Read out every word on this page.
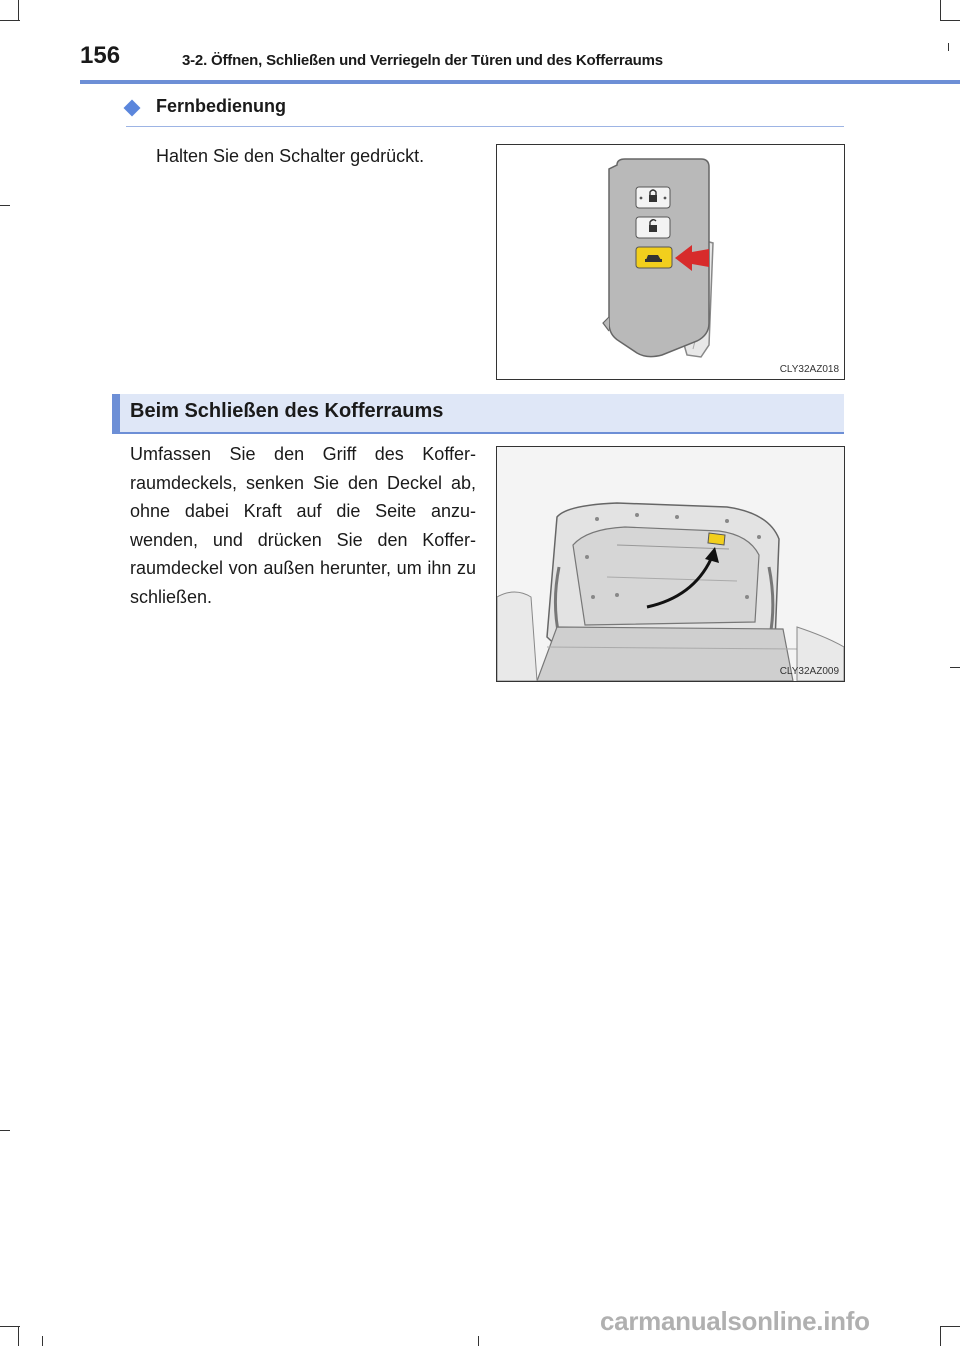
156	3-2. Öffnen, Schließen und Verriegeln der Türen und des Kofferraums
Fernbedienung
Halten Sie den Schalter gedrückt.
CLY32AZ018
Beim Schließen des Kofferraums
Umfassen Sie den Griff des Koffer-raumdeckels, senken Sie den Deckel ab, ohne dabei Kraft auf die Seite anzu-wenden, und drücken Sie den Koffer-raumdeckel von außen herunter, um ihn zu schließen.
CLY32AZ009
carmanualsonline.info
